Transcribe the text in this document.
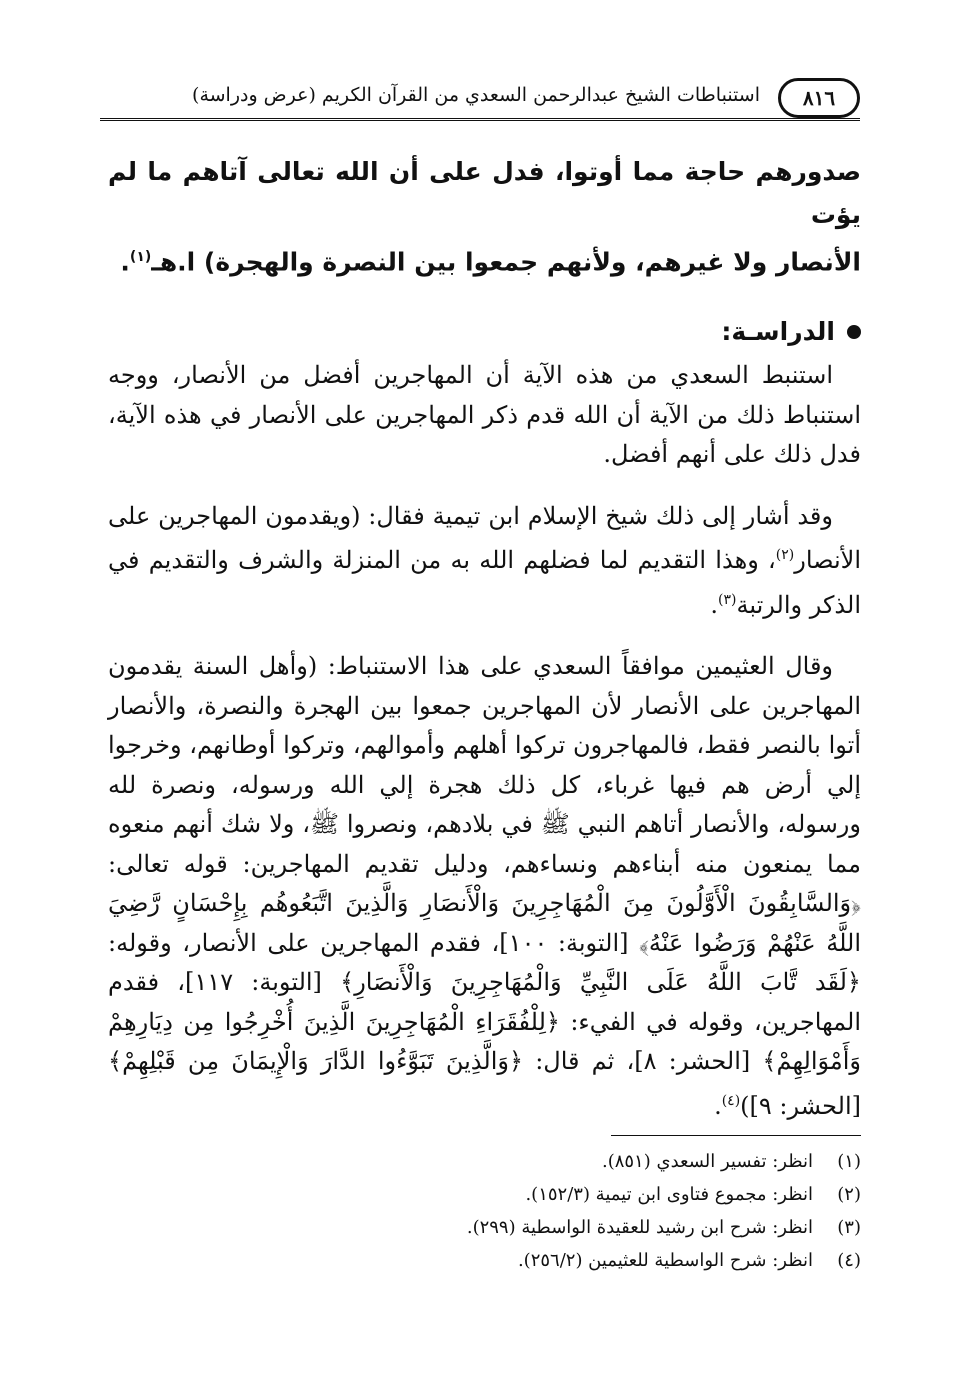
٨١٦
استنباطات الشيخ عبدالرحمن السعدي من القرآن الكريم (عرض ودراسة)

صدورهم حاجة مما أوتوا، فدل على أن الله تعالى آتاهم ما لم يؤت

الأنصار ولا غيرهم، ولأنهم جمعوا بين النصرة والهجرة) ا.هـ$^{(١)}$.

الدراسـة:

استنبط السعدي من هذه الآية أن المهاجرين أفضل من الأنصار، ووجه استنباط ذلك من الآية أن الله قدم ذكر المهاجرين على الأنصار في هذه الآية، فدل ذلك على أنهم أفضل.

وقد أشار إلى ذلك شيخ الإسلام ابن تيمية فقال: (ويقدمون المهاجرين على الأنصار$^{(٢)}$، وهذا التقديم لما فضلهم الله به من المنزلة والشرف والتقديم في الذكر والرتبة$^{(٣)}$.

وقال العثيمين موافقاً السعدي على هذا الاستنباط: (وأهل السنة يقدمون المهاجرين على الأنصار لأن المهاجرين جمعوا بين الهجرة والنصرة، والأنصار أتوا بالنصر فقط، فالمهاجرون تركوا أهلهم وأموالهم، وتركوا أوطانهم، وخرجوا إلي أرض هم فيها غرباء، كل ذلك هجرة إلي الله ورسوله، ونصرة لله ورسوله، والأنصار أتاهم النبي ﷺ في بلادهم، ونصروا ﷺ، ولا شك أنهم منعوه مما يمنعون منه أبناءهم ونساءهم، ودليل تقديم المهاجرين: قوله تعالى: ﴿وَالسَّابِقُونَ الْأَوَّلُونَ مِنَ الْمُهَاجِرِينَ وَالْأَنصَارِ وَالَّذِينَ اتَّبَعُوهُم بِإِحْسَانٍ رَّضِيَ اللَّهُ عَنْهُمْ وَرَضُوا عَنْهُ﴾ [التوبة: ١٠٠]، فقدم المهاجرين على الأنصار، وقوله: ﴿لَقَد تَّابَ اللَّهُ عَلَى النَّبِيِّ وَالْمُهَاجِرِينَ وَالْأَنصَارِ﴾ [التوبة: ١١٧]، فقدم المهاجرين، وقوله في الفيء: ﴿لِلْفُقَرَاءِ الْمُهَاجِرِينَ الَّذِينَ أُخْرِجُوا مِن دِيَارِهِمْ وَأَمْوَالِهِمْ﴾ [الحشر: ٨]، ثم قال: ﴿وَالَّذِينَ تَبَوَّءُوا الدَّارَ وَالْإِيمَانَ مِن قَبْلِهِمْ﴾ [الحشر: ٩])$^{(٤)}$.

(١)
انظر: تفسير السعدي (٨٥١).
(٢)
انظر: مجموع فتاوى ابن تيمية (١٥٢/٣).
(٣)
انظر: شرح ابن رشيد للعقيدة الواسطية (٢٩٩).
(٤)
انظر: شرح الواسطية للعثيمين (٢٥٦/٢).
